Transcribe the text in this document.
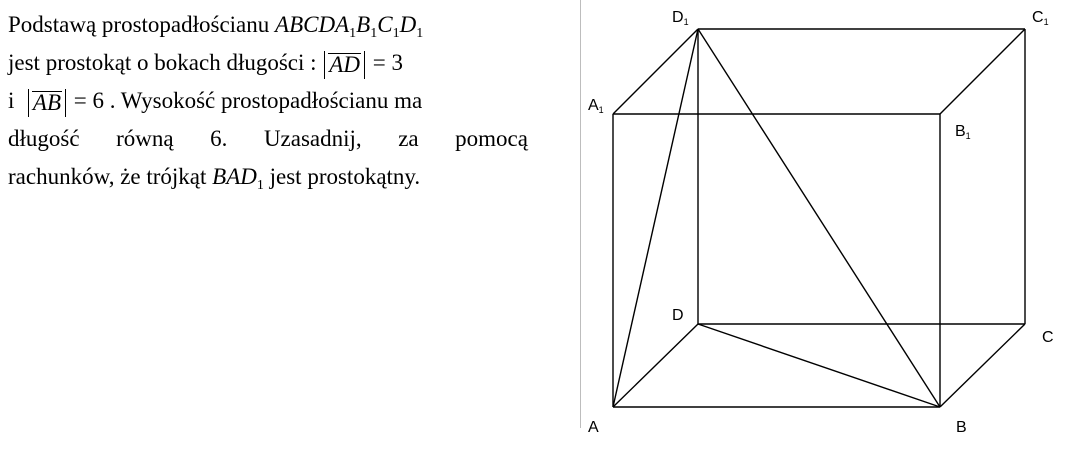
Podstawą prostopadłościanu $ABCDA_1B_1C_1D_1$
jest prostokąt o bokach długości : AD = 3
i AB = 6 . Wysokość prostopadłościanu ma
długość równą 6. Uzasadnij, za pomocą
rachunków, że trójkąt $BAD_1$ jest prostokątny.
A	B
C
D
A1
B1
C1
D1
